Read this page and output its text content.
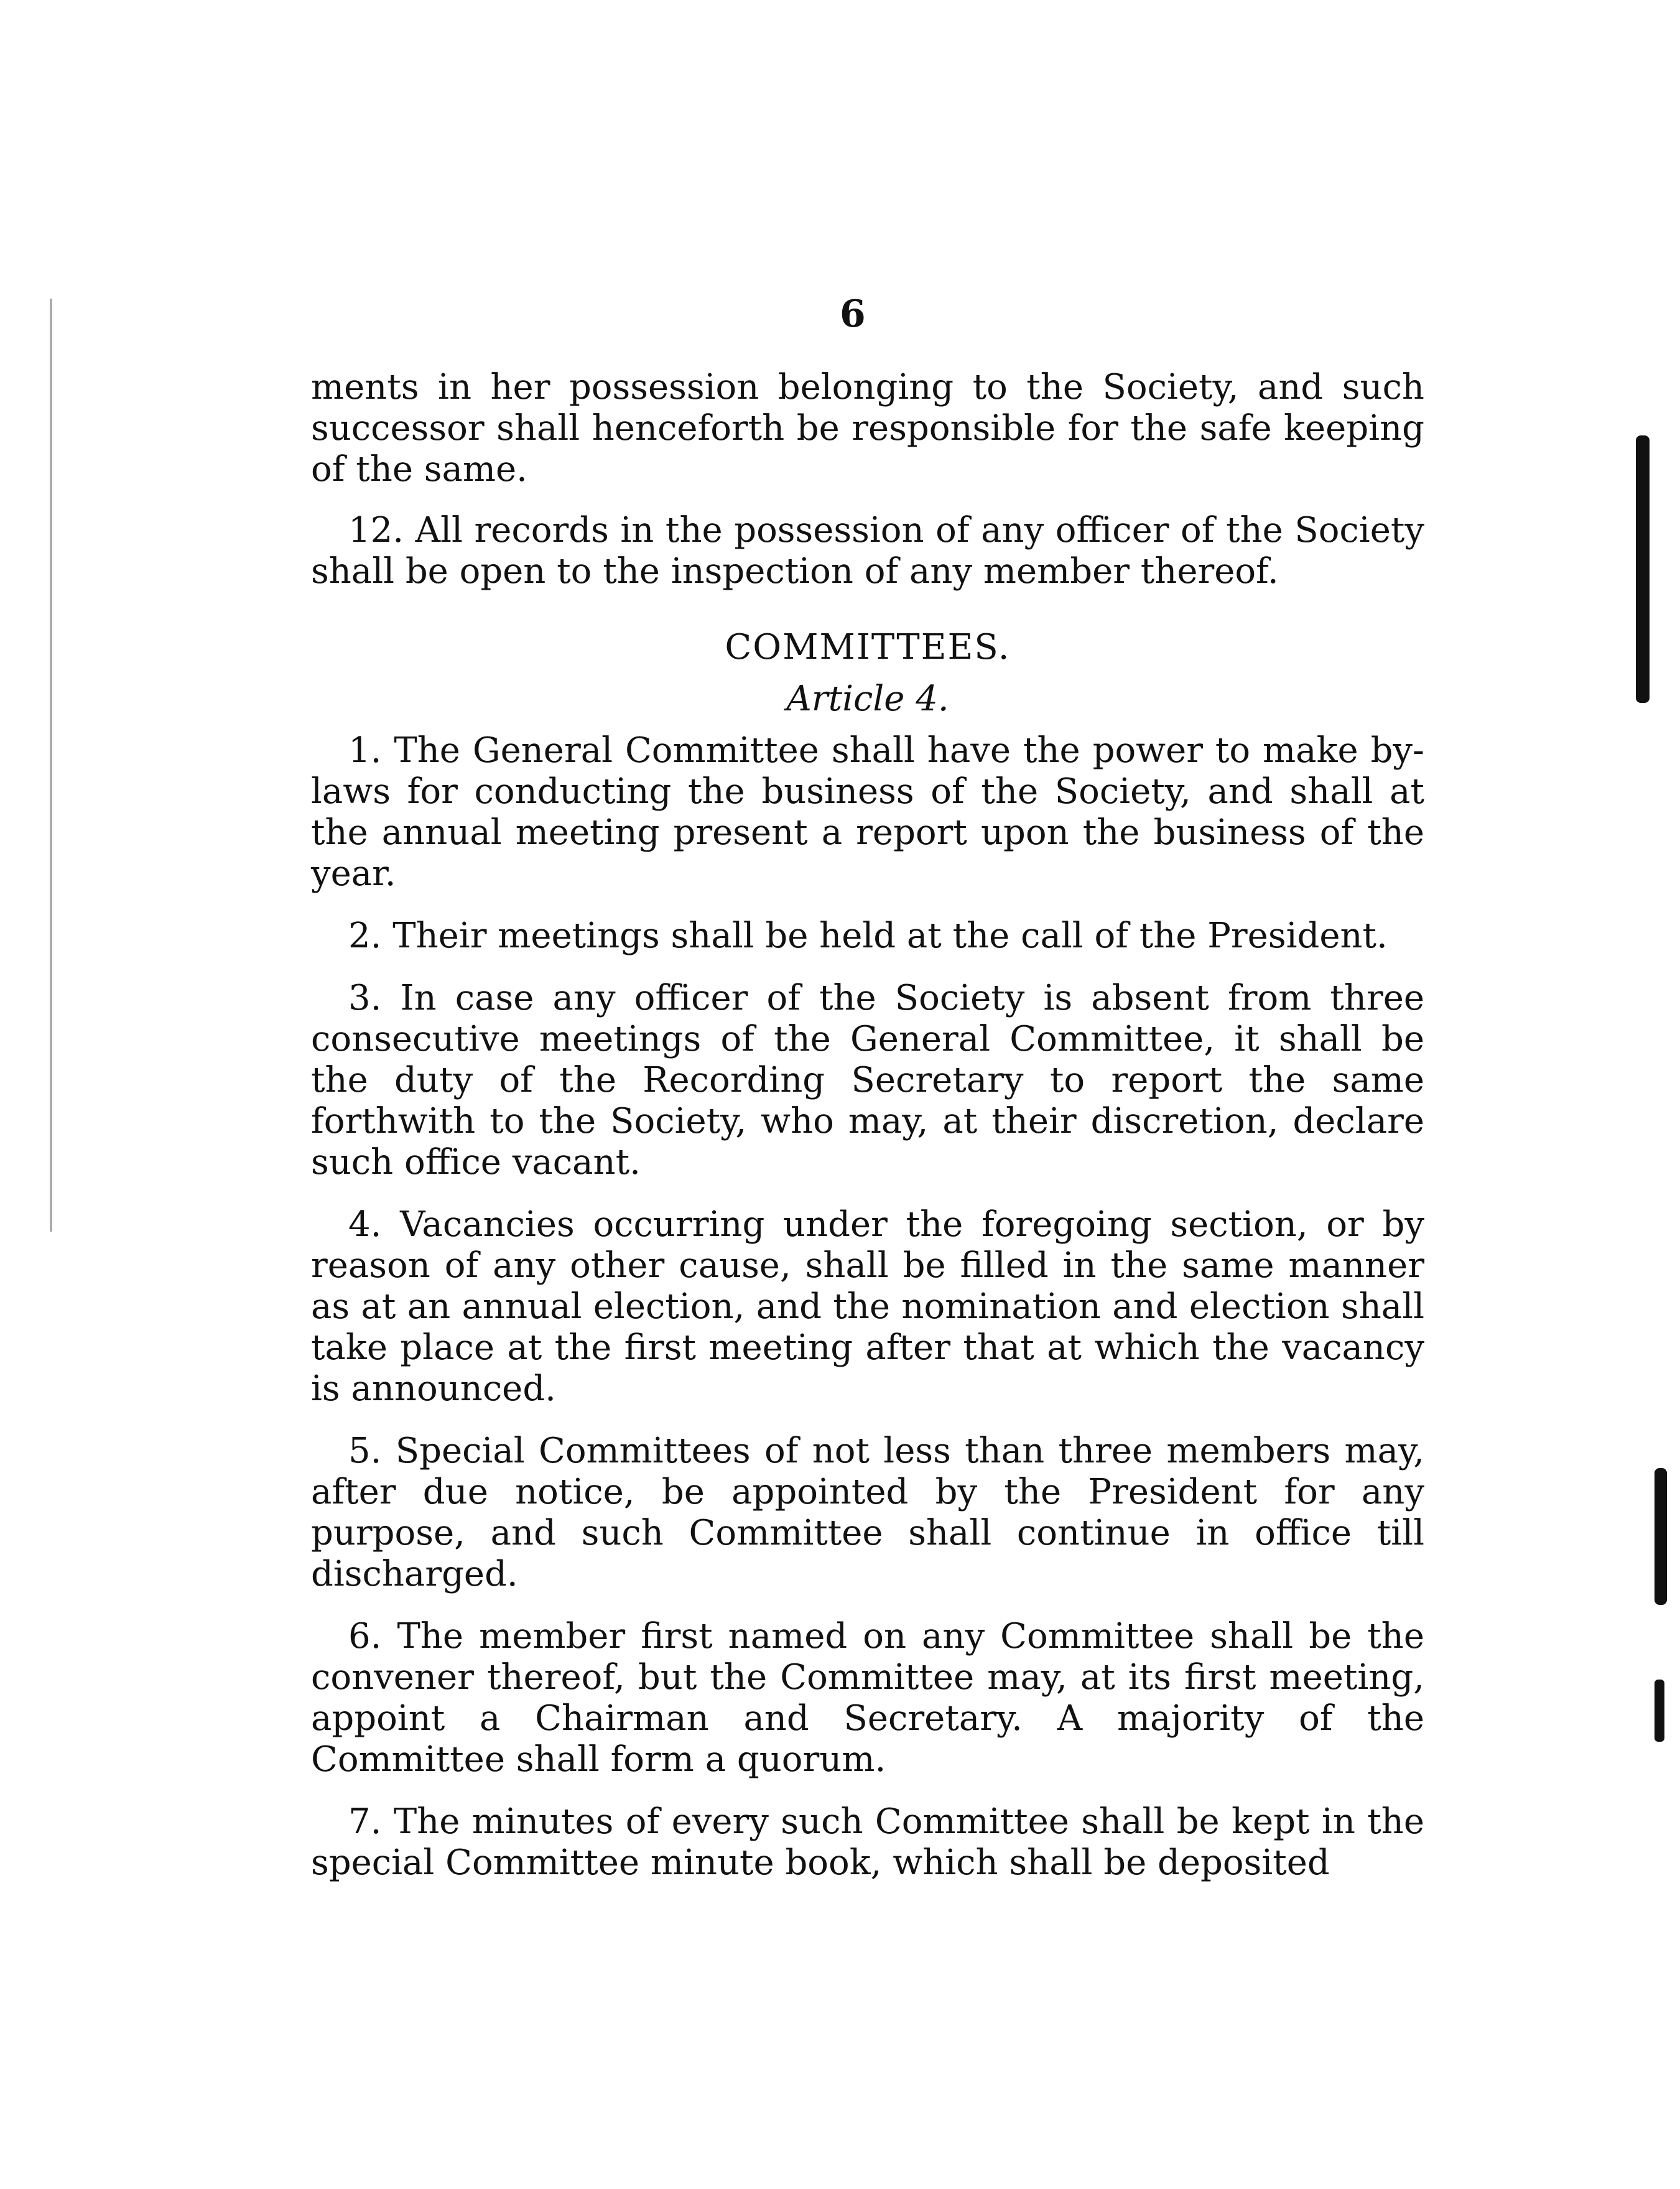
6

ments in her possession belonging to the Society, and such successor shall henceforth be responsible for the safe keeping of the same.

12. All records in the possession of any officer of the Society shall be open to the inspection of any member thereof.

COMMITTEES.
Article 4.

1. The General Committee shall have the power to make by-laws for conducting the business of the Society, and shall at the annual meeting present a report upon the business of the year.

2. Their meetings shall be held at the call of the President.

3. In case any officer of the Society is absent from three consecutive meetings of the General Committee, it shall be the duty of the Recording Secretary to report the same forthwith to the Society, who may, at their discretion, declare such office vacant.

4. Vacancies occurring under the foregoing section, or by reason of any other cause, shall be filled in the same manner as at an annual election, and the nomination and election shall take place at the first meeting after that at which the vacancy is announced.

5. Special Committees of not less than three members may, after due notice, be appointed by the President for any purpose, and such Committee shall continue in office till discharged.

6. The member first named on any Committee shall be the convener thereof, but the Committee may, at its first meeting, appoint a Chairman and Secretary. A majority of the Committee shall form a quorum.

7. The minutes of every such Committee shall be kept in the special Committee minute book, which shall be deposited
